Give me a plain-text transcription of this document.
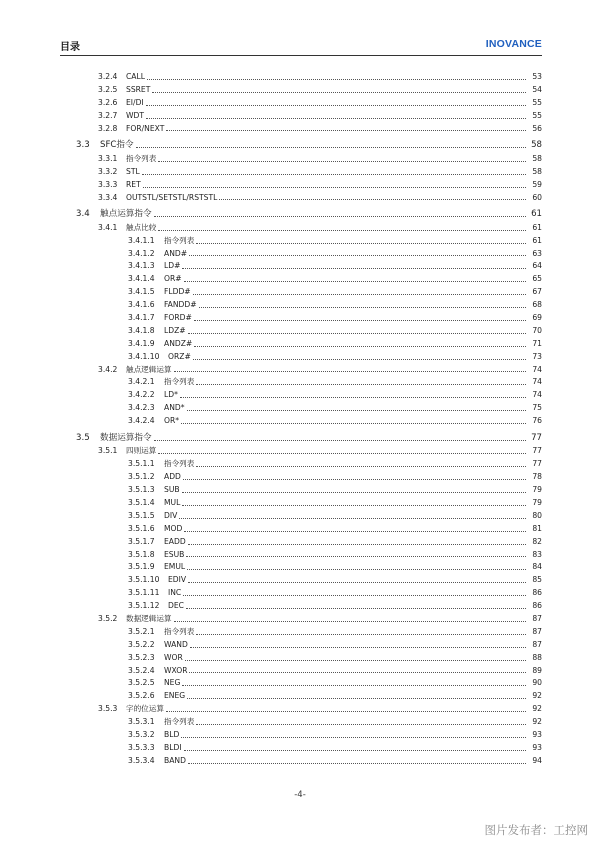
目录	INOVANCE
3.2.4	CALL	53
3.2.5	SSRET	54
3.2.6	EI/DI	55
3.2.7	WDT	55
3.2.8	FOR/NEXT	56
3.3	SFC指令	58
3.3.1	指令列表	58
3.3.2	STL	58
3.3.3	RET	59
3.3.4	OUTSTL/SETSTL/RSTSTL	60
3.4	触点运算指令	61
3.4.1	触点比较	61
3.4.1.1	指令列表	61
3.4.1.2	AND#	63
3.4.1.3	LD#	64
3.4.1.4	OR#	65
3.4.1.5	FLDD#	67
3.4.1.6	FANDD#	68
3.4.1.7	FORD#	69
3.4.1.8	LDZ#	70
3.4.1.9	ANDZ#	71
3.4.1.10	ORZ#	73
3.4.2	触点逻辑运算	74
3.4.2.1	指令列表	74
3.4.2.2	LD*	74
3.4.2.3	AND*	75
3.4.2.4	OR*	76
3.5	数据运算指令	77
3.5.1	四则运算	77
3.5.1.1	指令列表	77
3.5.1.2	ADD	78
3.5.1.3	SUB	79
3.5.1.4	MUL	79
3.5.1.5	DIV	80
3.5.1.6	MOD	81
3.5.1.7	EADD	82
3.5.1.8	ESUB	83
3.5.1.9	EMUL	84
3.5.1.10	EDIV	85
3.5.1.11	INC	86
3.5.1.12	DEC	86
3.5.2	数据逻辑运算	87
3.5.2.1	指令列表	87
3.5.2.2	WAND	87
3.5.2.3	WOR	88
3.5.2.4	WXOR	89
3.5.2.5	NEG	90
3.5.2.6	ENEG	92
3.5.3	字的位运算	92
3.5.3.1	指令列表	92
3.5.3.2	BLD	93
3.5.3.3	BLDI	93
3.5.3.4	BAND	94
-4-
图片发布者：工控网
